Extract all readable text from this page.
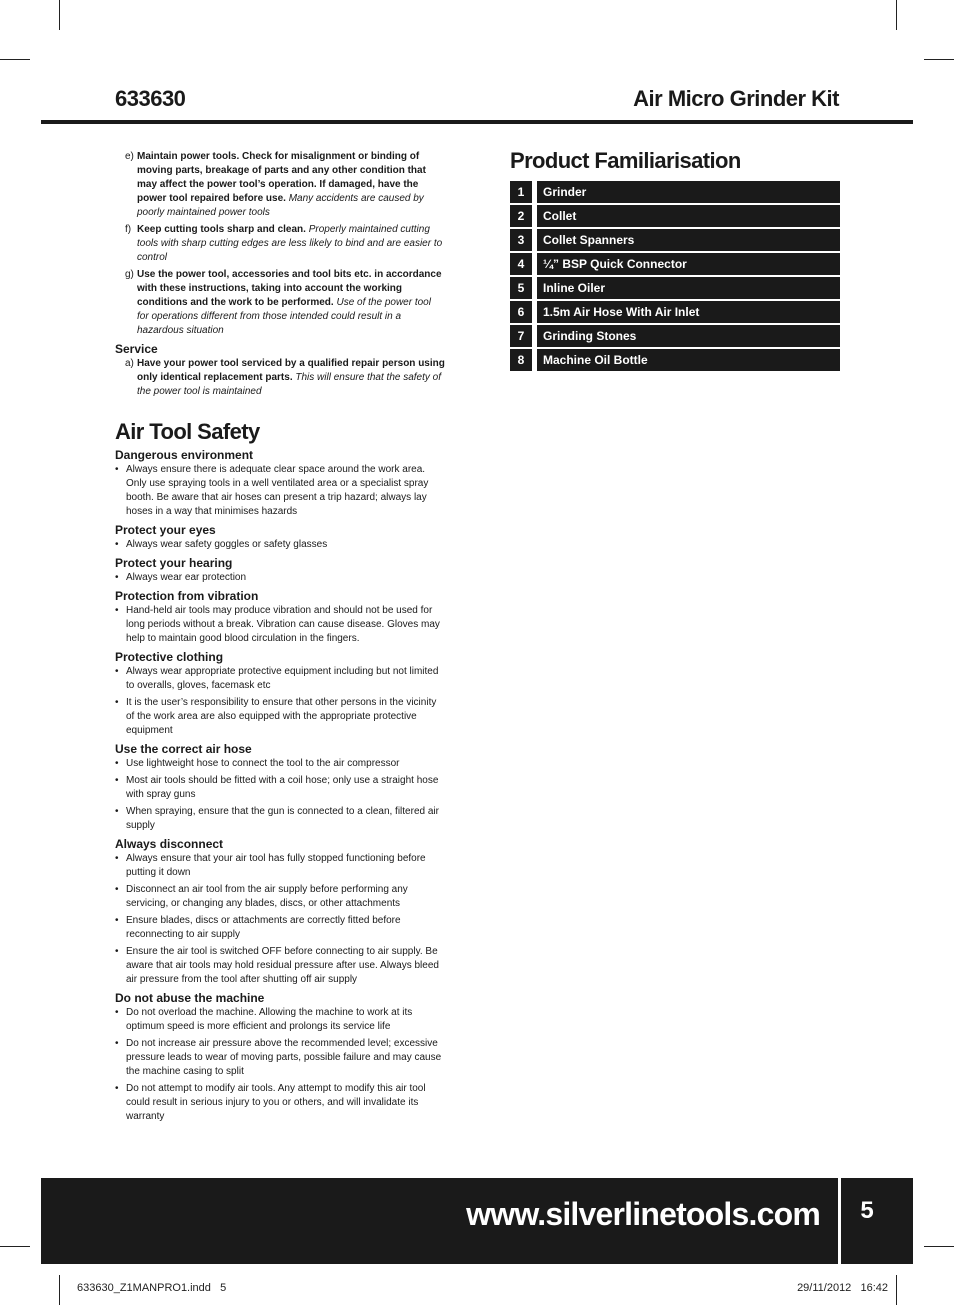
633630	Air Micro Grinder Kit
e) Maintain power tools. Check for misalignment or binding of moving parts, breakage of parts and any other condition that may affect the power tool’s operation. If damaged, have the power tool repaired before use. Many accidents are caused by poorly maintained power tools
f) Keep cutting tools sharp and clean. Properly maintained cutting tools with sharp cutting edges are less likely to bind and are easier to control
g) Use the power tool, accessories and tool bits etc. in accordance with these instructions, taking into account the working conditions and the work to be performed. Use of the power tool for operations different from those intended could result in a hazardous situation
Service
a) Have your power tool serviced by a qualified repair person using only identical replacement parts. This will ensure that the safety of the power tool is maintained
Air Tool Safety
Dangerous environment
• Always ensure there is adequate clear space around the work area. Only use spraying tools in a well ventilated area or a specialist spray booth. Be aware that air hoses can present a trip hazard; always lay hoses in a way that minimises hazards
Protect your eyes
• Always wear safety goggles or safety glasses
Protect your hearing
• Always wear ear protection
Protection from vibration
• Hand-held air tools may produce vibration and should not be used for long periods without a break. Vibration can cause disease. Gloves may help to maintain good blood circulation in the fingers.
Protective clothing
• Always wear appropriate protective equipment including but not limited to overalls, gloves, facemask etc
• It is the user’s responsibility to ensure that other persons in the vicinity of the work area are also equipped with the appropriate protective equipment
Use the correct air hose
• Use lightweight hose to connect the tool to the air compressor
• Most air tools should be fitted with a coil hose; only use a straight hose with spray guns
• When spraying, ensure that the gun is connected to a clean, filtered air supply
Always disconnect
• Always ensure that your air tool has fully stopped functioning before putting it down
• Disconnect an air tool from the air supply before performing any servicing, or changing any blades, discs, or other attachments
• Ensure blades, discs or attachments are correctly fitted before reconnecting to air supply
• Ensure the air tool is switched OFF before connecting to air supply. Be aware that air tools may hold residual pressure after use. Always bleed air pressure from the tool after shutting off air supply
Do not abuse the machine
• Do not overload the machine. Allowing the machine to work at its optimum speed is more efficient and prolongs its service life
• Do not increase air pressure above the recommended level; excessive pressure leads to wear of moving parts, possible failure and may cause the machine casing to split
• Do not attempt to modify air tools. Any attempt to modify this air tool could result in serious injury to you or others, and will invalidate its warranty
Product Familiarisation
1	Grinder
2	Collet
3	Collet Spanners
4	¼” BSP Quick Connector
5	Inline Oiler
6	1.5m Air Hose With Air Inlet
7	Grinding Stones
8	Machine Oil Bottle
www.silverlinetools.com	5
633630_Z1MANPRO1.indd   5	29/11/2012   16:42
